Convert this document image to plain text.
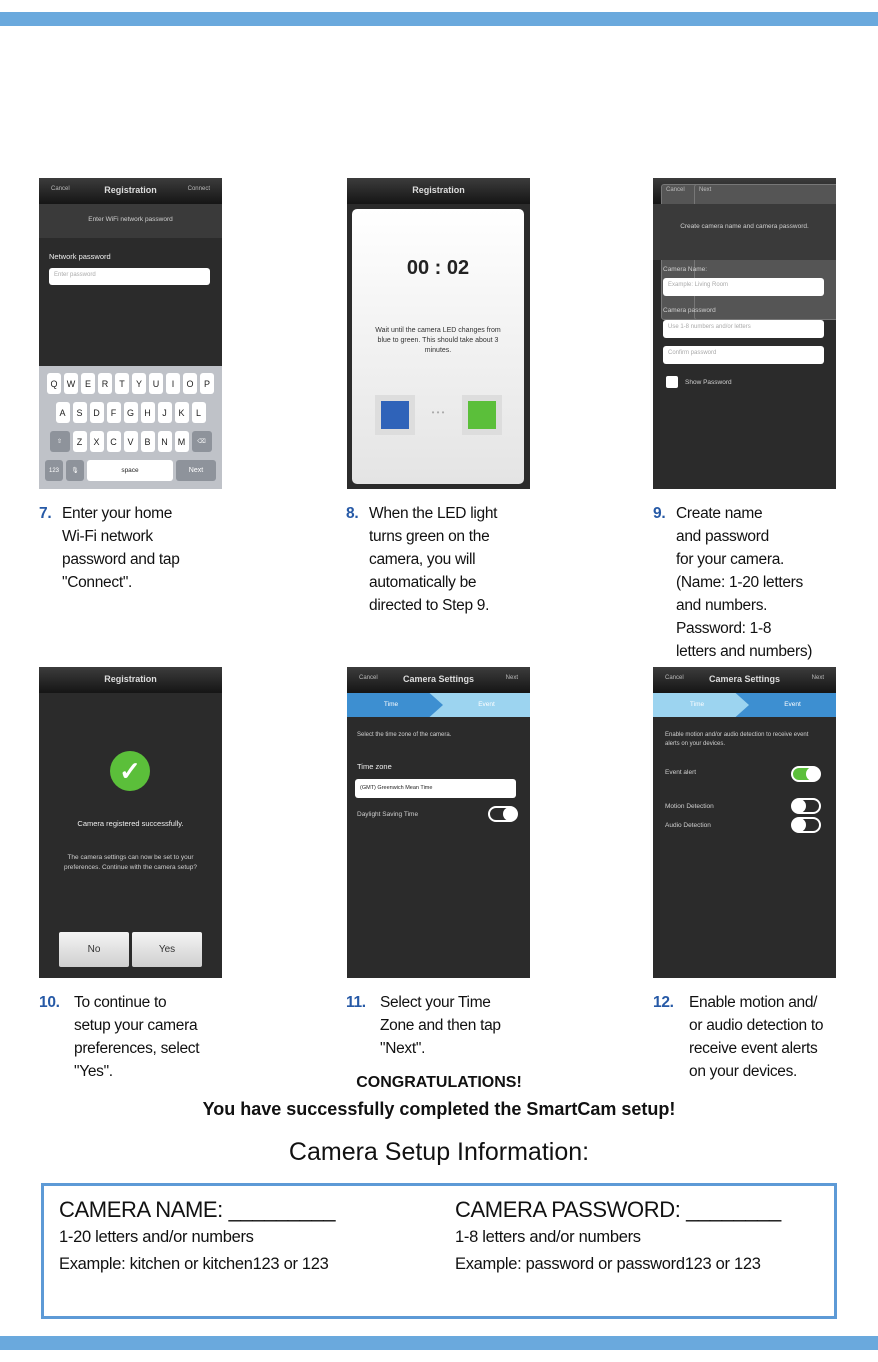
Cancel	Registration	Connect
Enter WiFi network password
Network password
Enter password
Q	W	E	R	T	Y	U	I	O	P
A	S	D	F	G	H	J	K	L
⇧	Z	X	C	V	B	N	M	⌫
123	🎙	space	Next
Registration
00 : 02
Wait until the camera LED changes from blue to green. This should take about 3 minutes.
• • •
Cancel	Next
Create camera name and camera password.
Camera Name:
Example: Living Room
Camera password
Use 1-8 numbers and/or letters
Confirm password
Show Password
7. Enter your home
Wi-Fi network
password and tap
"Connect".
8. When the LED light
turns green on the
camera, you will
automatically be
directed to Step 9.
9. Create name
and password
for your camera.
(Name: 1-20 letters
and numbers.
Password: 1-8
letters and numbers)
Registration
✓
Camera registered successfully.
The camera settings can now be set to your preferences. Continue with the camera setup?
No	Yes
Cancel	Camera Settings	Next
Time	Event
Select the time zone of the camera.
Time zone
(GMT) Greenwich Mean Time
Daylight Saving Time
Cancel	Camera Settings	Next
Time	Event
Enable motion and/or audio detection to receive event alerts on your devices.
Event alert
Motion Detection
Audio Detection
10. To continue to
setup your camera
preferences, select
"Yes".
11. Select your Time
Zone and then tap
"Next".
12. Enable motion and/
or audio detection to
receive event alerts
on your devices.
CONGRATULATIONS!
You have successfully completed the SmartCam setup!
Camera Setup Information:
CAMERA NAME: _________
1-20 letters and/or numbers
Example: kitchen or kitchen123 or 123
CAMERA PASSWORD: ________
1-8 letters and/or numbers
Example: password or password123 or 123
